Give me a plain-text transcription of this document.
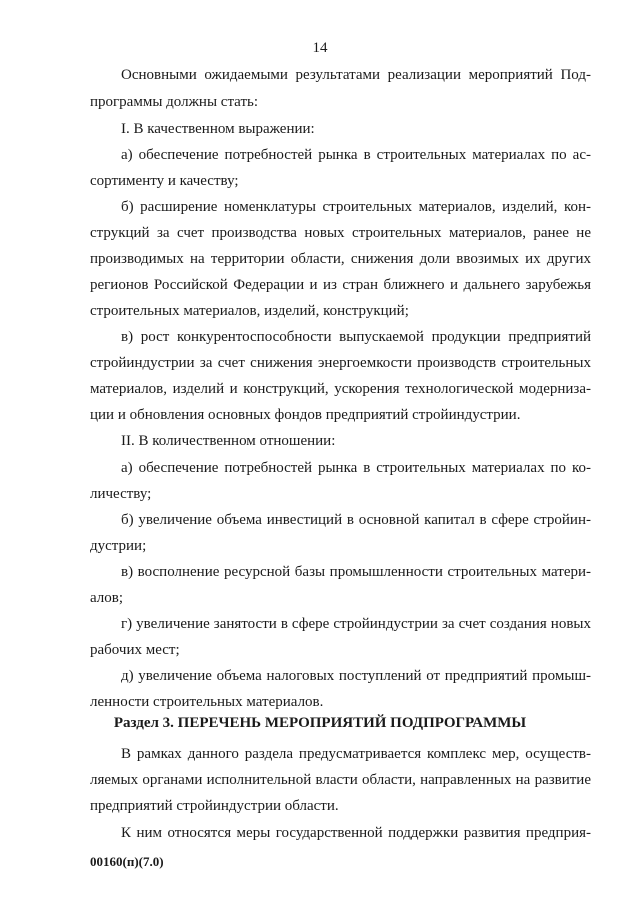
14
Основными ожидаемыми результатами реализации мероприятий Под-
программы должны стать:
I. В качественном выражении:
а) обеспечение потребностей рынка в строительных материалах по ас-
сортименту и качеству;
б) расширение номенклатуры строительных материалов, изделий, кон-
струкций за счет производства новых строительных материалов, ранее не
производимых на территории области, снижения доли ввозимых их других
регионов Российской Федерации и из стран ближнего и дальнего зарубежья
строительных материалов, изделий, конструкций;
в) рост конкурентоспособности выпускаемой продукции предприятий
стройиндустрии за счет снижения энергоемкости производств строительных
материалов, изделий и конструкций, ускорения технологической модерниза-
ции и обновления основных фондов предприятий стройиндустрии.
II. В количественном отношении:
а) обеспечение потребностей рынка в строительных материалах по ко-
личеству;
б) увеличение объема инвестиций в основной капитал в сфере стройин-
дустрии;
в) восполнение ресурсной базы промышленности строительных матери-
алов;
г) увеличение занятости в сфере стройиндустрии за счет создания новых
рабочих мест;
д) увеличение объема налоговых поступлений от предприятий промыш-
ленности строительных материалов.
Раздел 3. ПЕРЕЧЕНЬ МЕРОПРИЯТИЙ ПОДПРОГРАММЫ
В рамках данного раздела предусматривается комплекс мер, осуществ-
ляемых органами исполнительной власти области, направленных на развитие
предприятий стройиндустрии области.
К ним относятся меры государственной поддержки развития предприя-
00160(п)(7.0)
